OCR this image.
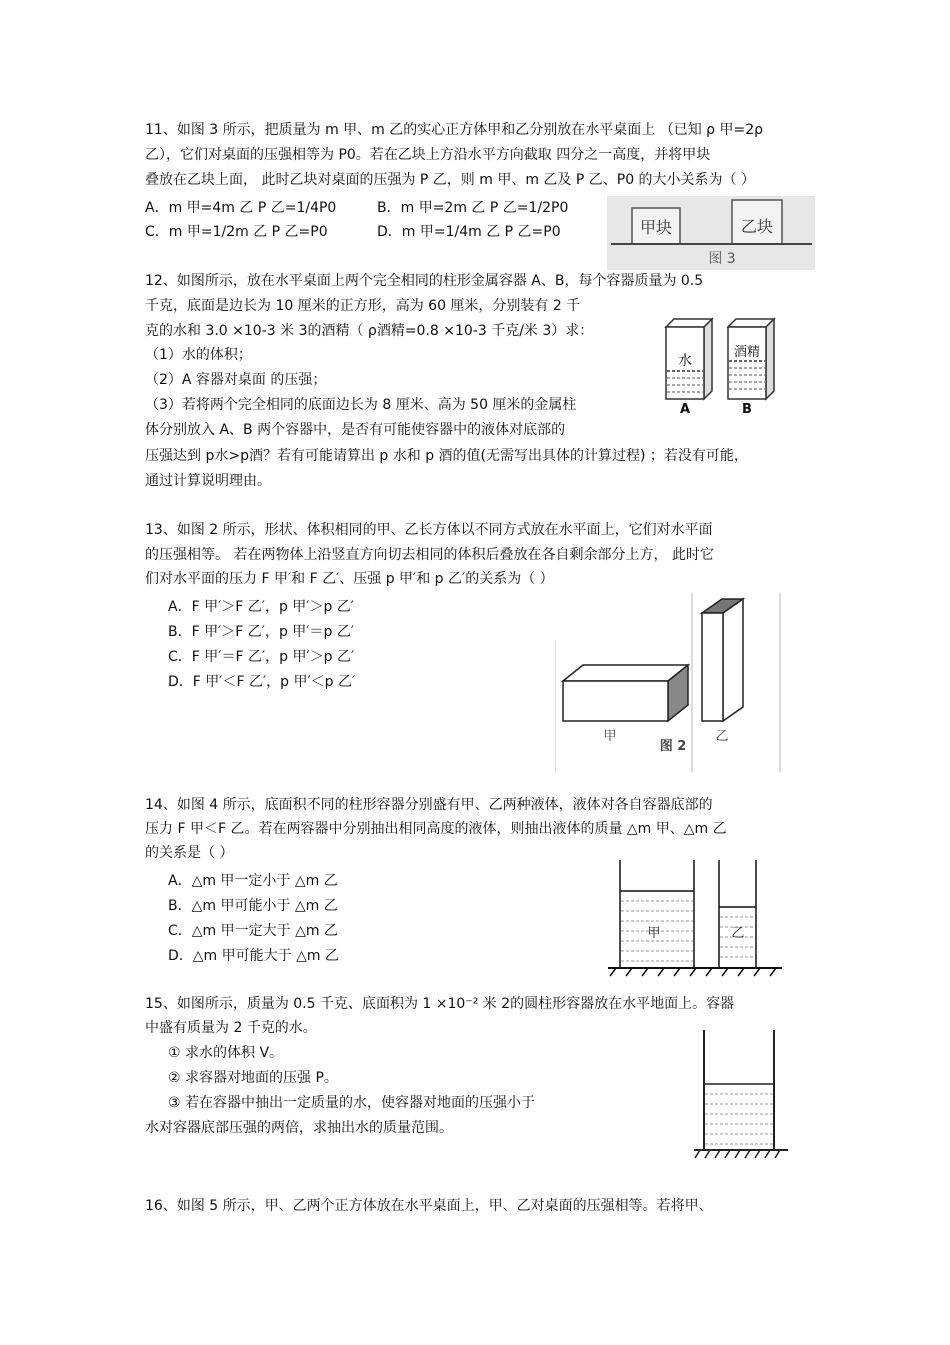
11、如图 3 所示，把质量为 m 甲、m 乙的实心正方体甲和乙分别放在水平桌面上 （已知 ρ 甲=2ρ
乙），它们对桌面的压强相等为 P0。若在乙块上方沿水平方向截取 四分之一高度，并将甲块
叠放在乙块上面， 此时乙块对桌面的压强为 P 乙，则 m 甲、m 乙及 P 乙、P0 的大小关系为（ ）
A．m 甲=4m 乙 P 乙=1/4P0	B．m 甲=2m 乙 P 乙=1/2P0
C．m 甲=1/2m 乙 P 乙=P0	D．m 甲=1/4m 乙 P 乙=P0	甲块	乙块
图 3
12、如图所示，放在水平桌面上两个完全相同的柱形金属容器 A、B，每个容器质量为 0.5
千克，底面是边长为 10 厘米的正方形，高为 60 厘米，分别装有 2 千
克的水和 3.0 ×10-3 米 3的酒精（ ρ酒精=0.8 ×10-3 千克/米 3）求：
（1）水的体积；
（2）A 容器对桌面 的压强；
（3）若将两个完全相同的底面边长为 8 厘米、高为 50 厘米的金属柱
体分别放入 A、B 两个容器中，是否有可能使容器中的液体对底部的
压强达到 p水>p酒？若有可能请算出 p 水和 p 酒的值(无需写出具体的计算过程) ；若没有可能，
通过计算说明理由。
水
酒精
A	B
13、如图 2 所示，形状、体积相同的甲、乙长方体以不同方式放在水平面上，它们对水平面
的压强相等。 若在两物体上沿竖直方向切去相同的体积后叠放在各自剩余部分上方， 此时它
们对水平面的压力 F 甲′和 F 乙′、压强 p 甲′和 p 乙′的关系为（ ）
A．F 甲′＞F 乙′，p 甲′＞p 乙′
B．F 甲′＞F 乙′，p 甲′＝p 乙′
C．F 甲′＝F 乙′，p 甲′＞p 乙′
D．F 甲′＜F 乙′，p 甲′＜p 乙′
甲
图 2
乙
14、如图 4 所示，底面积不同的柱形容器分别盛有甲、乙两种液体，液体对各自容器底部的
压力 F 甲＜F 乙。若在两容器中分别抽出相同高度的液体，则抽出液体的质量 △m 甲、△m 乙
的关系是（ ）
A．△m 甲一定小于 △m 乙
B．△m 甲可能小于 △m 乙
C．△m 甲一定大于 △m 乙
D．△m 甲可能大于 △m 乙
甲	乙
15、如图所示，质量为 0.5 千克、底面积为 1 ×10⁻² 米 2的圆柱形容器放在水平地面上。容器
中盛有质量为 2 千克的水。
① 求水的体积 V。
② 求容器对地面的压强 P。
③ 若在容器中抽出一定质量的水，使容器对地面的压强小于
水对容器底部压强的两倍，求抽出水的质量范围。
16、如图 5 所示，甲、乙两个正方体放在水平桌面上，甲、乙对桌面的压强相等。若将甲、
